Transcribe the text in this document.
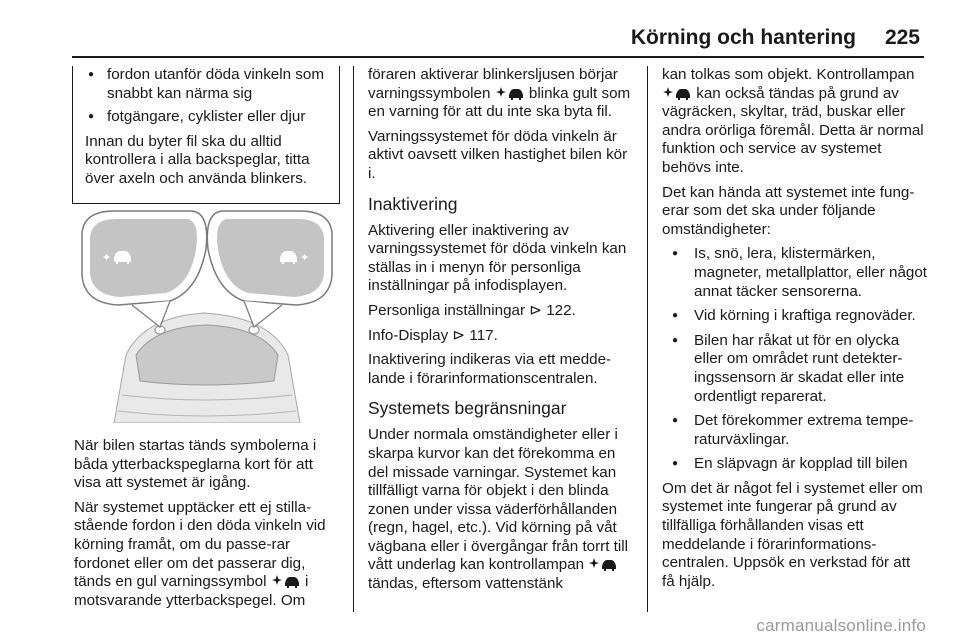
Körning och hantering 225
● fordon utanför döda vinkeln som snabbt kan närma sig
● fotgängare, cyklister eller djur
Innan du byter fil ska du alltid kontrollera i alla backspeglar, titta över axeln och använda blinkers.
✦	✦
När bilen startas tänds symbolerna i båda ytterbackspeglarna kort för att visa att systemet är igång.
När systemet upptäcker ett ej stilla-stående fordon i den döda vinkeln vid körning framåt, om du passe-rar fordonet eller om det passerar dig, tänds en gul varningssymbol	i motsvarande ytterbackspegel. Om
föraren aktiverar blinkersljusen börjar varningssymbolen	blinka gult som en varning för att du inte ska byta fil.
Varningssystemet för döda vinkeln är aktivt oavsett vilken hastighet bilen kör i.
Inaktivering
Aktivering eller inaktivering av varningssystemet för döda vinkeln kan ställas in i menyn för personliga inställningar på infodisplayen.
Personliga inställningar ⊳ 122.
Info-Display ⊳ 117.
Inaktivering indikeras via ett medde-lande i förarinformationscentralen.
Systemets begränsningar
Under normala omständigheter eller i skarpa kurvor kan det förekomma en del missade varningar. Systemet kan tillfälligt varna för objekt i den blinda zonen under vissa väderförhållanden (regn, hagel, etc.). Vid körning på våt vägbana eller i övergångar från torrt till vått underlag kan kontrollampan  tändas, eftersom vattenstänk
kan tolkas som objekt. Kontrollampan  kan också tändas på grund av vägräcken, skyltar, träd, buskar eller andra orörliga föremål. Detta är normal funktion och service av systemet behövs inte.
Det kan hända att systemet inte fung-erar som det ska under följande omständigheter:
● Is, snö, lera, klistermärken, magneter, metallplattor, eller något annat täcker sensorerna.
● Vid körning i kraftiga regnoväder.
● Bilen har råkat ut för en olycka eller om området runt detekter-ingssensorn är skadat eller inte ordentligt reparerat.
● Det förekommer extrema tempe-raturväxlingar.
● En släpvagn är kopplad till bilen
Om det är något fel i systemet eller om systemet inte fungerar på grund av tillfälliga förhållanden visas ett meddelande i förarinformations-centralen. Uppsök en verkstad för att få hjälp.
carmanualsonline.info
